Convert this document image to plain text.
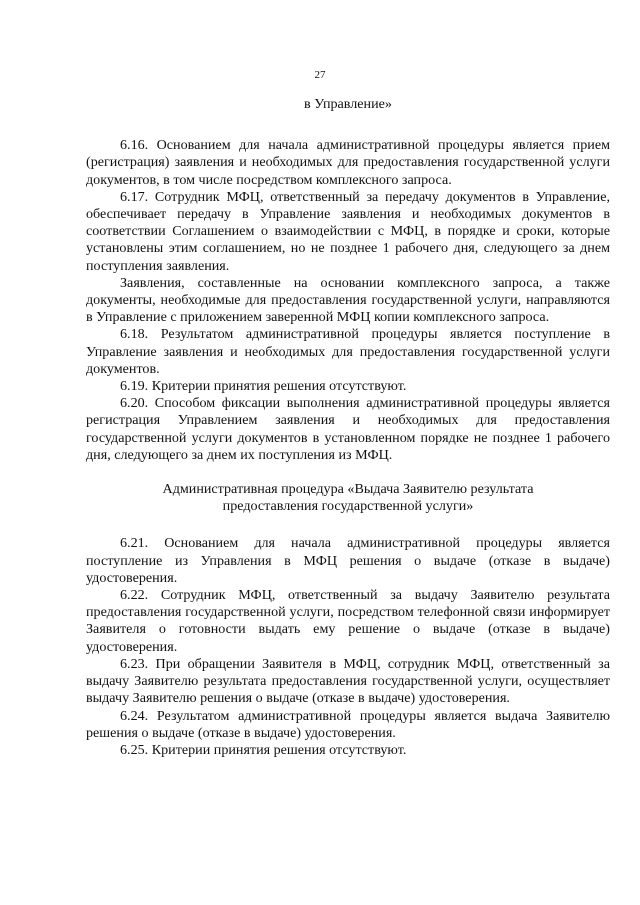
27
в Управление»

6.16. Основанием для начала административной процедуры является прием (регистрация) заявления и необходимых для предоставления государственной услуги документов, в том числе посредством комплексного запроса.

6.17. Сотрудник МФЦ, ответственный за передачу документов в Управление, обеспечивает передачу в Управление заявления и необходимых документов в соответствии Соглашением о взаимодействии с МФЦ, в порядке и сроки, которые установлены этим соглашением, но не позднее 1 рабочего дня, следующего за днем поступления заявления.

Заявления, составленные на основании комплексного запроса, а также документы, необходимые для предоставления государственной услуги, направляются в Управление с приложением заверенной МФЦ копии комплексного запроса.

6.18. Результатом административной процедуры является поступление в Управление заявления и необходимых для предоставления государственной услуги документов.

6.19. Критерии принятия решения отсутствуют.

6.20. Способом фиксации выполнения административной процедуры является регистрация Управлением заявления и необходимых для предоставления государственной услуги документов в установленном порядке не позднее 1 рабочего дня, следующего за днем их поступления из МФЦ.

Административная процедура «Выдача Заявителю результата

предоставления государственной услуги»

6.21. Основанием для начала административной процедуры является поступление из Управления в МФЦ решения о выдаче (отказе в выдаче) удостоверения.

6.22. Сотрудник МФЦ, ответственный за выдачу Заявителю результата предоставления государственной услуги, посредством телефонной связи информирует Заявителя о готовности выдать ему решение о выдаче (отказе в выдаче) удостоверения.

6.23. При обращении Заявителя в МФЦ, сотрудник МФЦ, ответственный за выдачу Заявителю результата предоставления государственной услуги, осуществляет выдачу Заявителю решения о выдаче (отказе в выдаче) удостоверения.

6.24. Результатом административной процедуры является выдача Заявителю решения о выдаче (отказе в выдаче) удостоверения.

6.25. Критерии принятия решения отсутствуют.
